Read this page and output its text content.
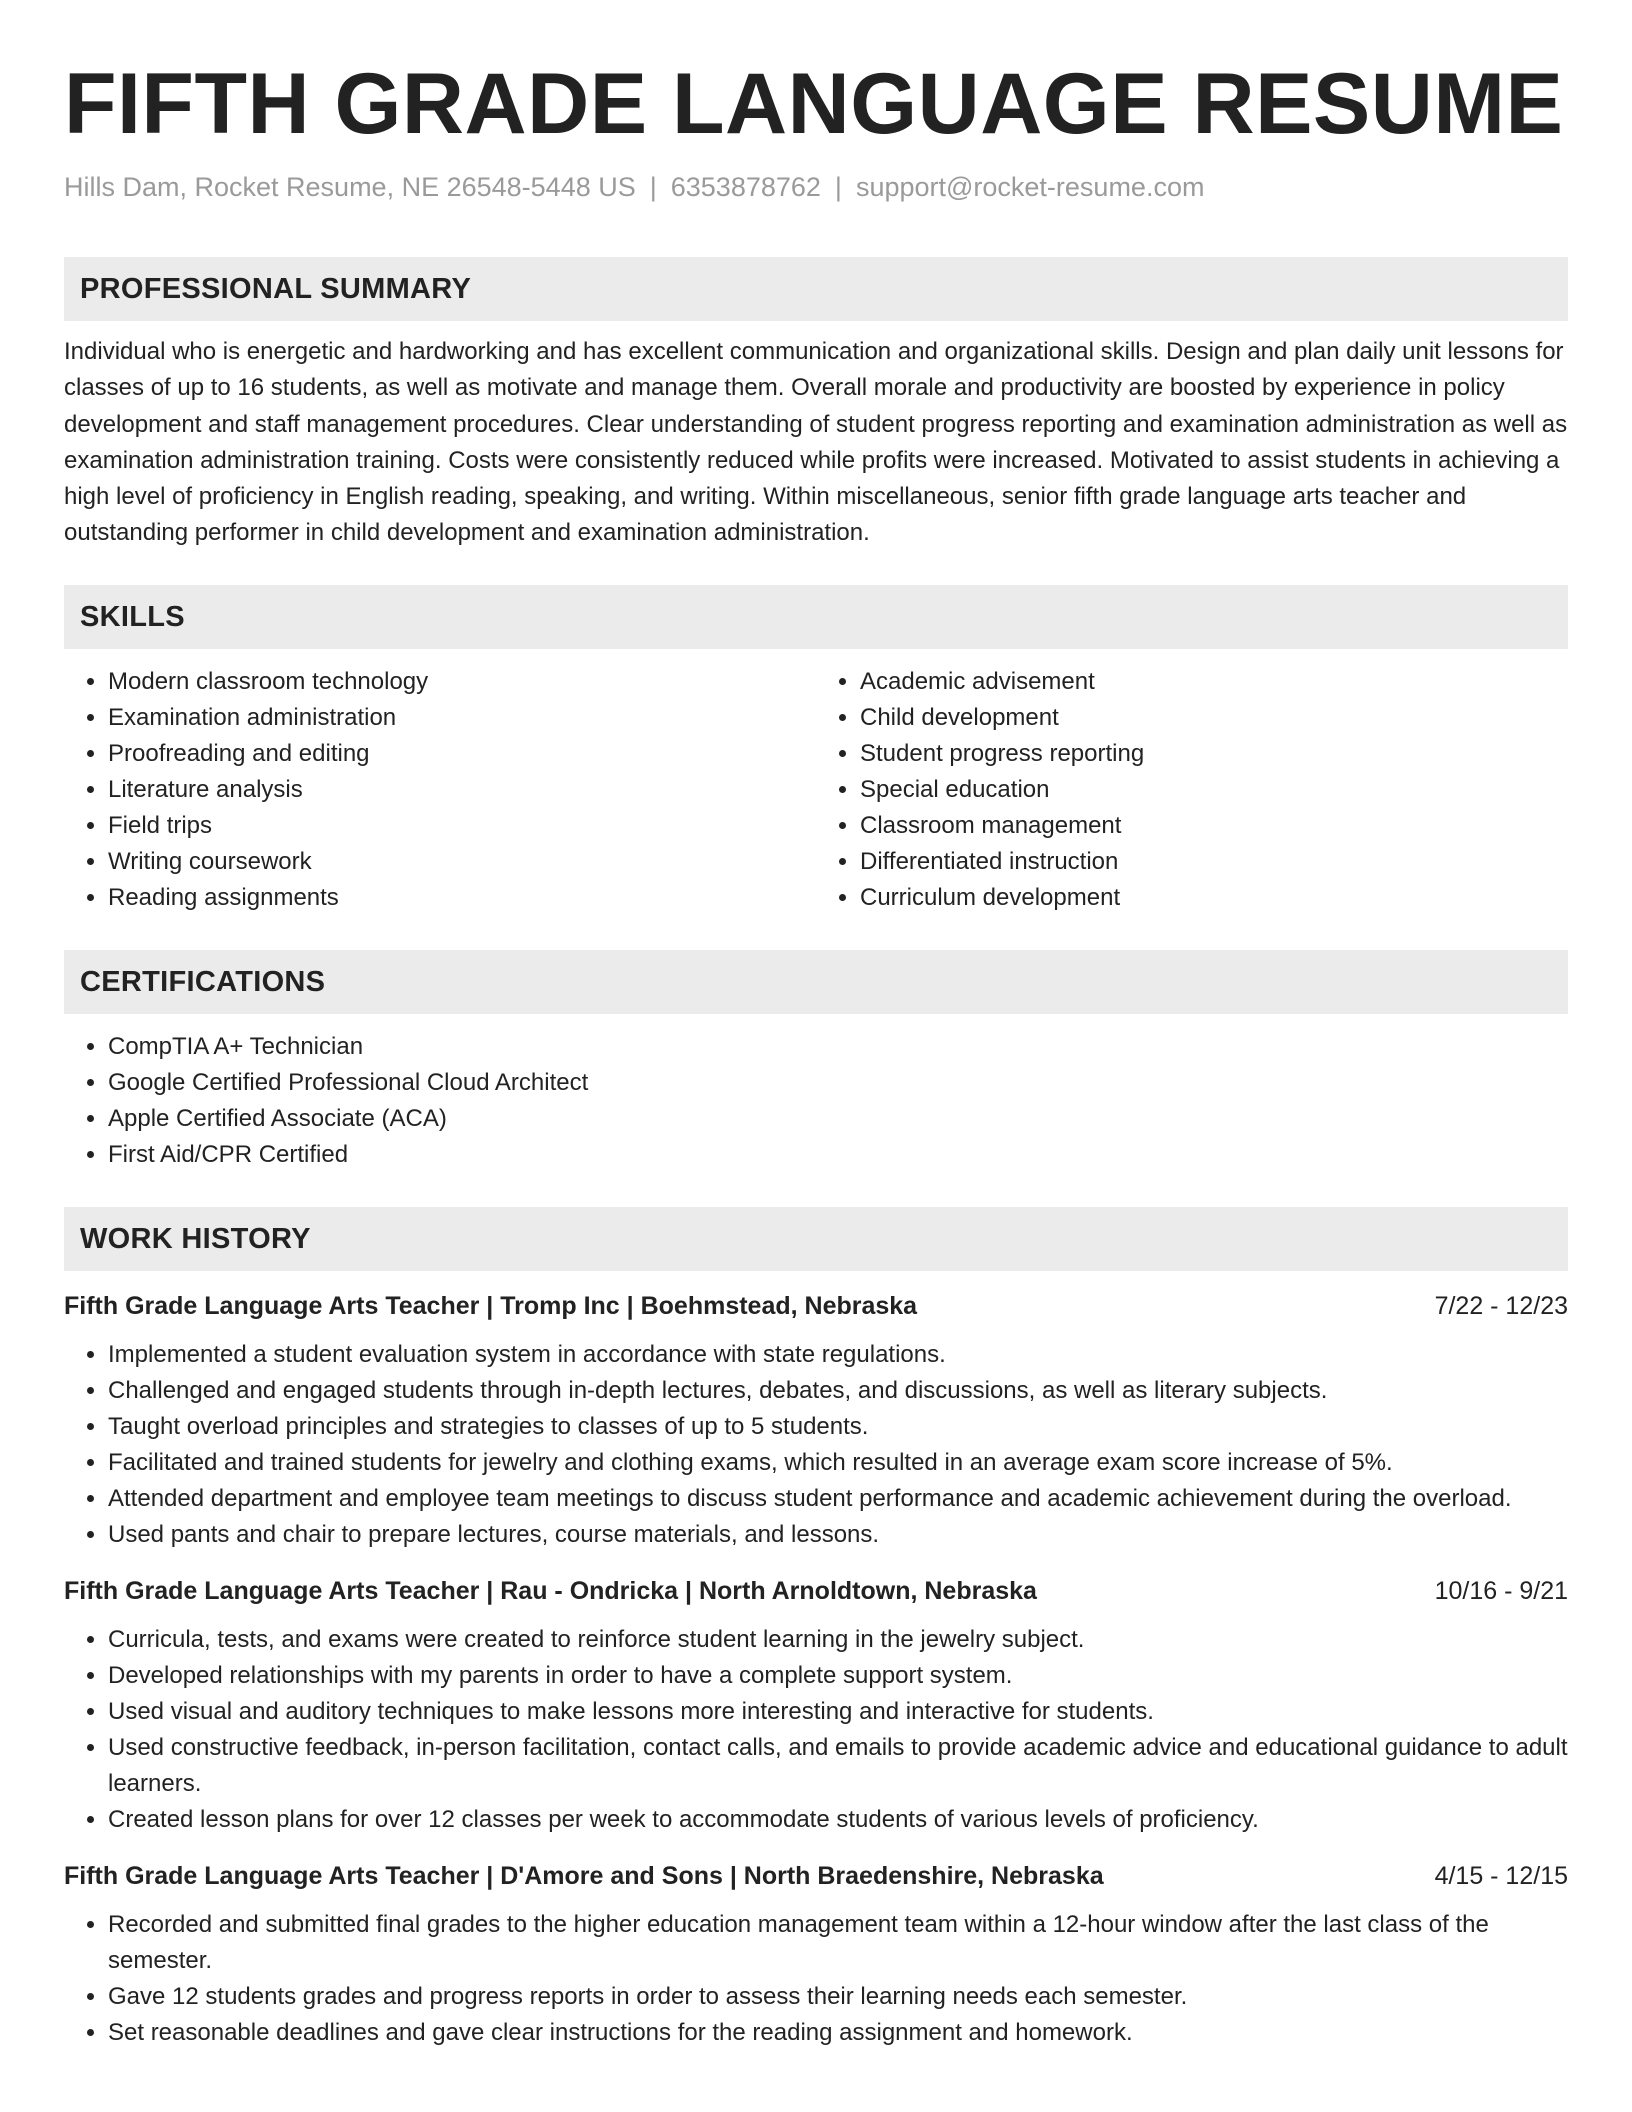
FIFTH GRADE LANGUAGE RESUME
Hills Dam, Rocket Resume, NE 26548-5448 US | 6353878762 | support@rocket-resume.com
PROFESSIONAL SUMMARY

Individual who is energetic and hardworking and has excellent communication and organizational skills. Design and plan daily unit lessons for classes of up to 16 students, as well as motivate and manage them. Overall morale and productivity are boosted by experience in policy development and staff management procedures. Clear understanding of student progress reporting and examination administration as well as examination administration training. Costs were consistently reduced while profits were increased. Motivated to assist students in achieving a high level of proficiency in English reading, speaking, and writing. Within miscellaneous, senior fifth grade language arts teacher and outstanding performer in child development and examination administration.

SKILLS
• Modern classroom technology
• Examination administration
• Proofreading and editing
• Literature analysis
• Field trips
• Writing coursework
• Reading assignments
• Academic advisement
• Child development
• Student progress reporting
• Special education
• Classroom management
• Differentiated instruction
• Curriculum development
CERTIFICATIONS
• CompTIA A+ Technician
• Google Certified Professional Cloud Architect
• Apple Certified Associate (ACA)
• First Aid/CPR Certified
WORK HISTORY
Fifth Grade Language Arts Teacher | Tromp Inc | Boehmstead, Nebraska	7/22 - 12/23
• Implemented a student evaluation system in accordance with state regulations.
• Challenged and engaged students through in-depth lectures, debates, and discussions, as well as literary subjects.
• Taught overload principles and strategies to classes of up to 5 students.
• Facilitated and trained students for jewelry and clothing exams, which resulted in an average exam score increase of 5%.
• Attended department and employee team meetings to discuss student performance and academic achievement during the overload.
• Used pants and chair to prepare lectures, course materials, and lessons.
Fifth Grade Language Arts Teacher | Rau - Ondricka | North Arnoldtown, Nebraska	10/16 - 9/21
• Curricula, tests, and exams were created to reinforce student learning in the jewelry subject.
• Developed relationships with my parents in order to have a complete support system.
• Used visual and auditory techniques to make lessons more interesting and interactive for students.
• Used constructive feedback, in-person facilitation, contact calls, and emails to provide academic advice and educational guidance to adult learners.
• Created lesson plans for over 12 classes per week to accommodate students of various levels of proficiency.
Fifth Grade Language Arts Teacher | D'Amore and Sons | North Braedenshire, Nebraska	4/15 - 12/15
• Recorded and submitted final grades to the higher education management team within a 12-hour window after the last class of the semester.
• Gave 12 students grades and progress reports in order to assess their learning needs each semester.
• Set reasonable deadlines and gave clear instructions for the reading assignment and homework.
